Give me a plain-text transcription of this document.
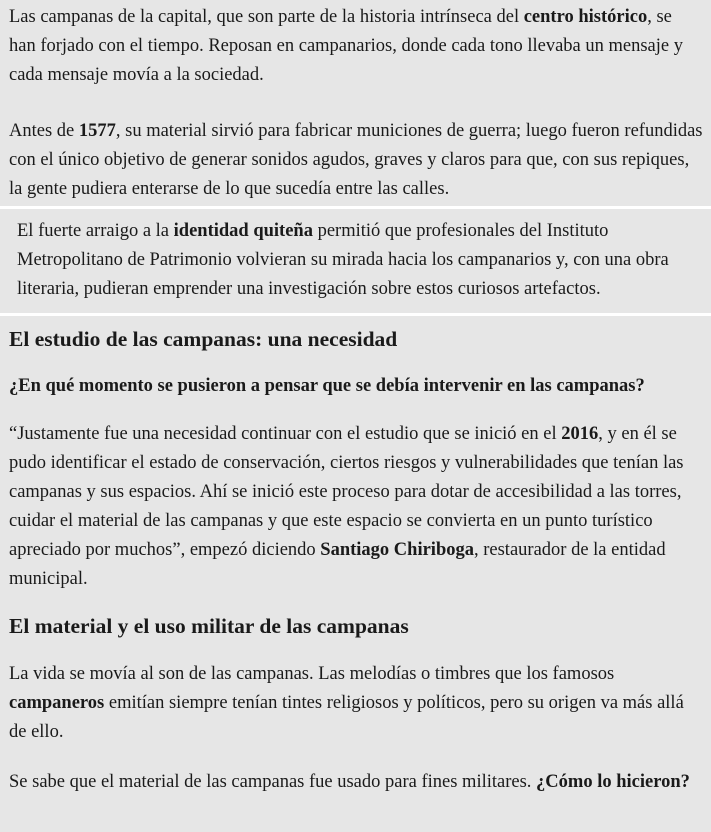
Las campanas de la capital, que son parte de la historia intrínseca del centro histórico, se han forjado con el tiempo. Reposan en campanarios, donde cada tono llevaba un mensaje y cada mensaje movía a la sociedad.

Antes de 1577, su material sirvió para fabricar municiones de guerra; luego fueron refundidas con el único objetivo de generar sonidos agudos, graves y claros para que, con sus repiques, la gente pudiera enterarse de lo que sucedía entre las calles.

El fuerte arraigo a la identidad quiteña permitió que profesionales del Instituto Metropolitano de Patrimonio volvieran su mirada hacia los campanarios y, con una obra literaria, pudieran emprender una investigación sobre estos curiosos artefactos.

El estudio de las campanas: una necesidad
¿En qué momento se pusieron a pensar que se debía intervenir en las campanas?

“Justamente fue una necesidad continuar con el estudio que se inició en el 2016, y en él se pudo identificar el estado de conservación, ciertos riesgos y vulnerabilidades que tenían las campanas y sus espacios. Ahí se inició este proceso para dotar de accesibilidad a las torres, cuidar el material de las campanas y que este espacio se convierta en un punto turístico apreciado por muchos”, empezó diciendo Santiago Chiriboga, restaurador de la entidad municipal.

El material y el uso militar de las campanas

La vida se movía al son de las campanas. Las melodías o timbres que los famosos campaneros emitían siempre tenían tintes religiosos y políticos, pero su origen va más allá de ello.

Se sabe que el material de las campanas fue usado para fines militares. ¿Cómo lo hicieron?
